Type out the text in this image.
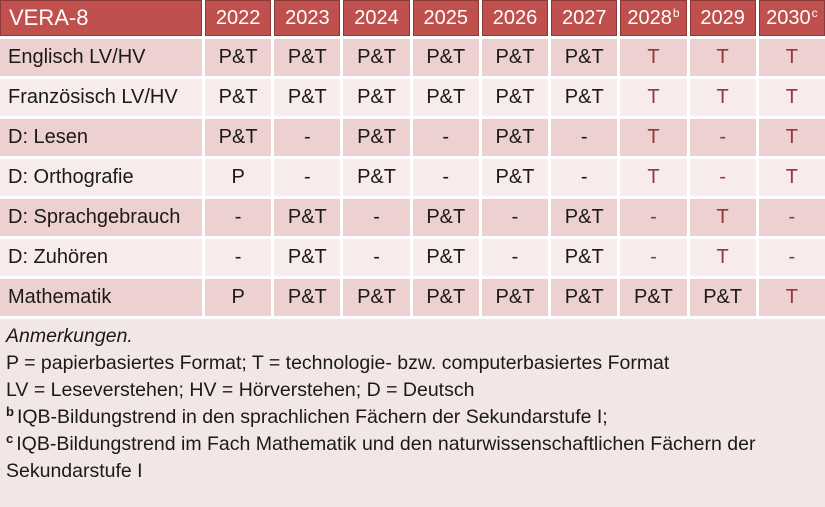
VERA-8	2022 2023 2024 2025 2026 2027 2028$^b$ 2029 2030$^c$
Englisch LV/HV	P&T	P&T	P&T	P&T	P&T	P&T	T	T	T
Französisch LV/HV	P&T	P&T	P&T	P&T	P&T	P&T	T	T	T
D: Lesen	P&T	-	P&T	-	P&T	-	T	-	T
D: Orthografie	P	-	P&T	-	P&T	-	T	-	T
D: Sprachgebrauch	-	P&T	-	P&T	-	P&T	-	T	-
D: Zuhören	-	P&T	-	P&T	-	P&T	-	T	-
Mathematik	P	P&T	P&T	P&T	P&T	P&T	P&T	P&T	T
Anmerkungen.
P = papierbasiertes Format; T = technologie- bzw. computerbasiertes Format
LV = Leseverstehen; HV = Hörverstehen; D = Deutsch
$^b$ IQB-Bildungstrend in den sprachlichen Fächern der Sekundarstufe I;
$^c$ IQB-Bildungstrend im Fach Mathematik und den naturwissenschaftlichen Fächern der Sekundarstufe I
